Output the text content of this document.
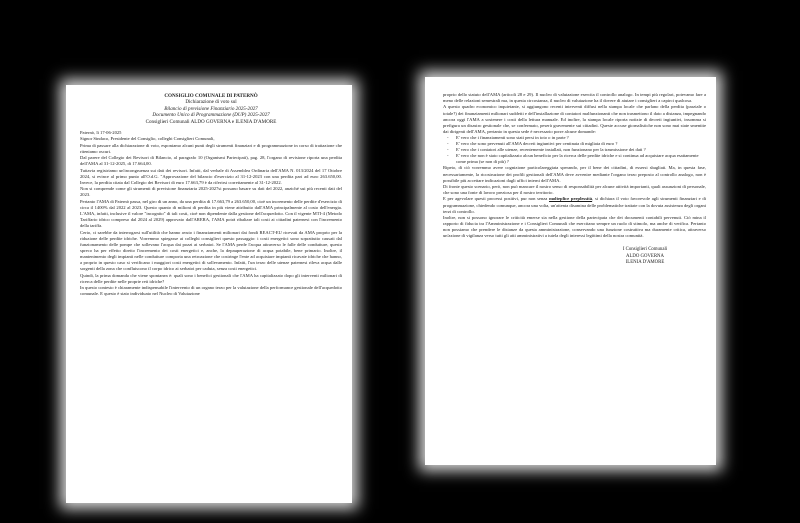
CONSIGLIO COMUNALE DI PATERNÒ
Dichiarazione di voto sul
Bilancio di previsione Finanziario 2025-2027
Documento Unico di Programmazione (DUP) 2025-2027
Consiglieri Comunali ALDO GOVERNA e ILENIA D'AMORE

Paternò, lì 17-06-2025

Signor Sindaco, Presidente del Consiglio, colleghi Consiglieri Comunali,

Prima di passare alla dichiarazione di voto, esponiamo alcuni punti degli strumenti finanziari e di programmazione in corso di trattazione che riteniamo oscuri.

Dal parere del Collegio dei Revisori di Bilancio, al paragrafo 10 (Organismi Partecipati), pag. 28, l'organo di revisione riporta una perdita dell'AMA al 31-12-2025, di 17.664,00.

Tuttavia registriamo un'incongruenza sui dati dei revisori. Infatti, dal verbale di Assemblea Ordinaria dell'AMA N. 013/2024 del 17 Ottobre 2024, si evince al primo punto all'O.d.G. "Approvazione del bilancio d'esercizio al 31-12-2023 con una perdita pari ad euro 263.650,00. Invece, la perdita citata dal Collegio dei Revisori di euro 17.663,79 è da riferirsi correttamente al 31-12-2022.

Non si comprende come gli strumenti di previsione finanziaria 2025-2027si possano basare su dati del 2022, anziché sui più recenti dati del 2023.

Pertanto l'AMA di Paternò passa, nel giro di un anno, da una perdita di 17.663,79 a 263.650,00, cioè un incremento delle perdite d'esercizio di circa il 1400% dal 2022 al 2023. Questo quanto di milioni di perdita in più viene attribuito dall'AMA principalmente al costo dell'energia. L'AMA, infatti, inclusive il valore "incognito" di tali costi, cioè non dipendente dalla gestione dell'acquedotto. Con il vigente MTI-4 (Metodo Tariffario idrico compreso dal 2024 al 2029) approvato dall'ARERA, l'AMA potrà ribaltare tali costi ai cittadini paternesi con l'incremento della tariffa.

Certo, ci sarebbe da interrogarsi sull'utilità che hanno avuto i finanziamenti milionari dai fondi REACT-EU ricevuti da AMA proprio per la riduzione delle perdite idriche. Vorremmo spiegasse ai colleghi consiglieri questo passaggio: i costi energetici sono soprattutto causati dal funzionamento delle pompe che sollevano l'acqua dai pozzi ai serbatoi. Se l'AMA perde l'acqua attraverso le falle delle condutture, questo spreco ha per effetto diretto l'incremento dei costi energetici e, anche, la depauperazione di acqua potabile, bene primario. Inoltre, il mantenimento degli impianti nelle condutture comporta una retroazione che costringe l'ente ad acquistare impianti ricavate idriche che hanno, a proprio in questo caso si verificano i maggiori costi energetici di sollevamento. Infatti, l'un terzo delle utenze paternesi rileva acqua dalle sorgenti della zona che confluiscono il corpo idrico ai serbatoi per caduta, senza costi energetici.

Quindi, la prima domanda che viene spontanea è: quali sono i benefici gestionali che l'AMA ha capitalizzato dopo gli interventi milionari di ricerca delle perdite nelle proprie reti idriche?

In questo contesto è chiaramente indispensabile l'intervento di un organo terzo per la valutazione della performance gestionale dell'acquedotto comunale. E questo è stato individuato nel Nucleo di Valutazione

proprio dello statuto dell'AMA (articoli 28 e 29). Il nucleo di valutazione esercita il controllo analogo. In tempi più regolari, potevamo fare a meno delle relazioni semestrali ma, in questa circostanza, il nucleo di valutazione ha il dovere di aiutare i consiglieri a capirci qualcosa.

A questo quadro economico inquietante, si aggiungono recenti interventi diffusi nella stampa locale che parlano della perdita (parziale o totale?) dei finanziamenti milionari suddetti e dell'installazione di contatori malfunzionanti che non trasmettono il dato a distanza, impegnando ancora oggi l'AMA a sostenere i costi della lettura manuale. Ed inoltre, la stampa locale riporta notizie di decreti ingiuntivi, insomma si prefigura un disastro gestionale che, se confermato, peserà gravemente sui cittadini. Queste accuse giornalistiche non sono mai state smentite dai dirigenti dell'AMA, pertanto in questa sede è necessario porre alcune domande:

- E' vero che i finanziamenti sono stati persi in toto o in parte ?

- E' vero che sono pervenuti all'AMA decreti ingiuntivi per centinaia di migliaia di euro ?

- E' vero che i contatori alle utenze, recentemente installati, non funzionano per la trasmissione dei dati ?

- E' vero che non è stato capitalizzato alcun beneficio per la ricerca delle perdite idriche e si continua ad acquistare acqua esattamente come prima (se non di più) ?

Ripeto, di ciò vorremmo avere cognizione particolareggiata sperando, per il bene dei cittadini, di essersi sbagliati. Ma, in questa fase, necessariamente, la ricostruzione dei profili gestionali dell'AMA deve avvenire mediante l'organo terzo preposto al controllo analogo, non è possibile più accettare indicazioni dagli uffici interni dell'AMA.

Di fronte questo scenario, però, non può mancare il nostro senso di responsabilità per alcune attività importanti, quali assunzioni di personale, che sono una fonte di lavoro preziosa per il nostro territorio.

E per agevolare questi processi positivi, pur non senza molteplice perplessità, si dichiara il voto favorevole agli strumenti finanziari e di programmazione, chiedendo comunque, ancora una volta, un'attenta disamina delle problematiche trattate con la dovuta assistenza degli organi terzi di controllo.

Inoltre, non si possono ignorare le criticità emerse sia nella gestione della partecipata che dei documenti contabili pervenuti. Ciò mina il rapporto di fiducia tra l'Amministrazione e i Consiglieri Comunali che esercitano sempre un ruolo di stimolo, ma anche di verifica. Pertanto non possiamo che prendere le distanze da questa amministrazione, conservando una funzione costruttiva ma duramente critica, attraverso un'azione di vigilanza verso tutti gli atti amministrativi a tutela degli interessi legittimi della nostra comunità.

I Consiglieri Comunali
ALDO GOVERNA
ILENIA D'AMORE
